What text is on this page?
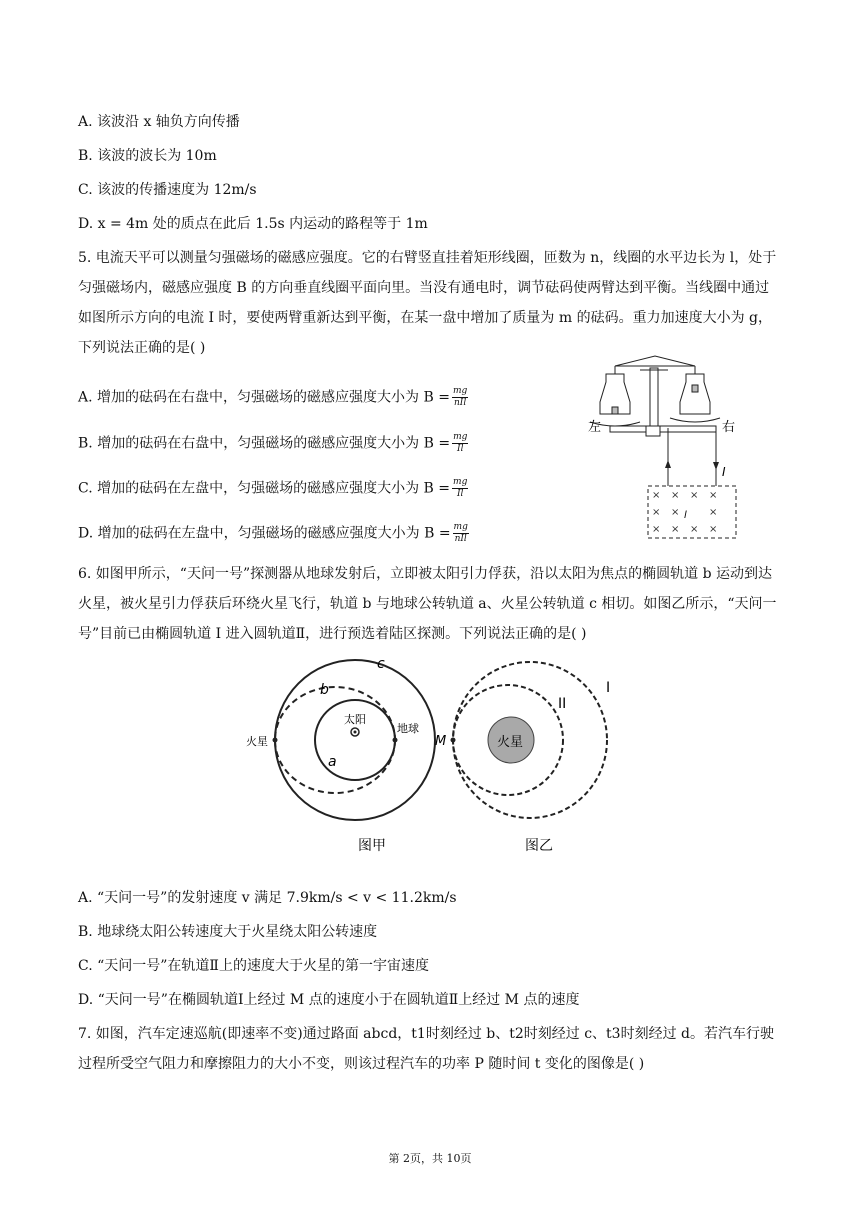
A. 该波沿 x 轴负方向传播
B. 该波的波长为 10m
C. 该波的传播速度为 12m/s
D. x = 4m 处的质点在此后 1.5s 内运动的路程等于 1m
5. 电流天平可以测量匀强磁场的磁感应强度。它的右臂竖直挂着矩形线圈，匝数为 n，线圈的水平边长为 l，处于匀强磁场内，磁感应强度 B 的方向垂直线圈平面向里。当没有通电时，调节砝码使两臂达到平衡。当线圈中通过如图所示方向的电流 I 时，要使两臂重新达到平衡，在某一盘中增加了质量为 m 的砝码。重力加速度大小为 g，下列说法正确的是( )
A. 增加的砝码在右盘中，匀强磁场的磁感应强度大小为 $B = \frac{mg}{\text{nIl}}$
B. 增加的砝码在右盘中，匀强磁场的磁感应强度大小为 $B = \frac{mg}{Il}$
C. 增加的砝码在左盘中，匀强磁场的磁感应强度大小为 $B = \frac{mg}{Il}$
D. 增加的砝码在左盘中，匀强磁场的磁感应强度大小为 $B = \frac{mg}{\text{nIl}}$
左	右
I
l
× × × ×
× ×	×
× × × ×
6. 如图甲所示，“天问一号”探测器从地球发射后，立即被太阳引力俘获，沿以太阳为焦点的椭圆轨道 b 运动到达火星，被火星引力俘获后环绕火星飞行，轨道 b 与地球公转轨道 a、火星公转轨道 c 相切。如图乙所示，“天问一号”目前已由椭圆轨道 I 进入圆轨道Ⅱ，进行预选着陆区探测。下列说法正确的是( )
太阳
地球
火星
a
b
c
图甲
火星
M
II
I
图乙
A. “天问一号”的发射速度 v 满足 7.9km/s < v < 11.2km/s
B. 地球绕太阳公转速度大于火星绕太阳公转速度
C. “天问一号”在轨道Ⅱ上的速度大于火星的第一宇宙速度
D. “天问一号”在椭圆轨道Ⅰ上经过 M 点的速度小于在圆轨道Ⅱ上经过 M 点的速度
7. 如图，汽车定速巡航(即速率不变)通过路面 abcd，t1时刻经过 b、t2时刻经过 c、t3时刻经过 d。若汽车行驶过程所受空气阻力和摩擦阻力的大小不变，则该过程汽车的功率 P 随时间 t 变化的图像是( )
第 2页，共 10页
